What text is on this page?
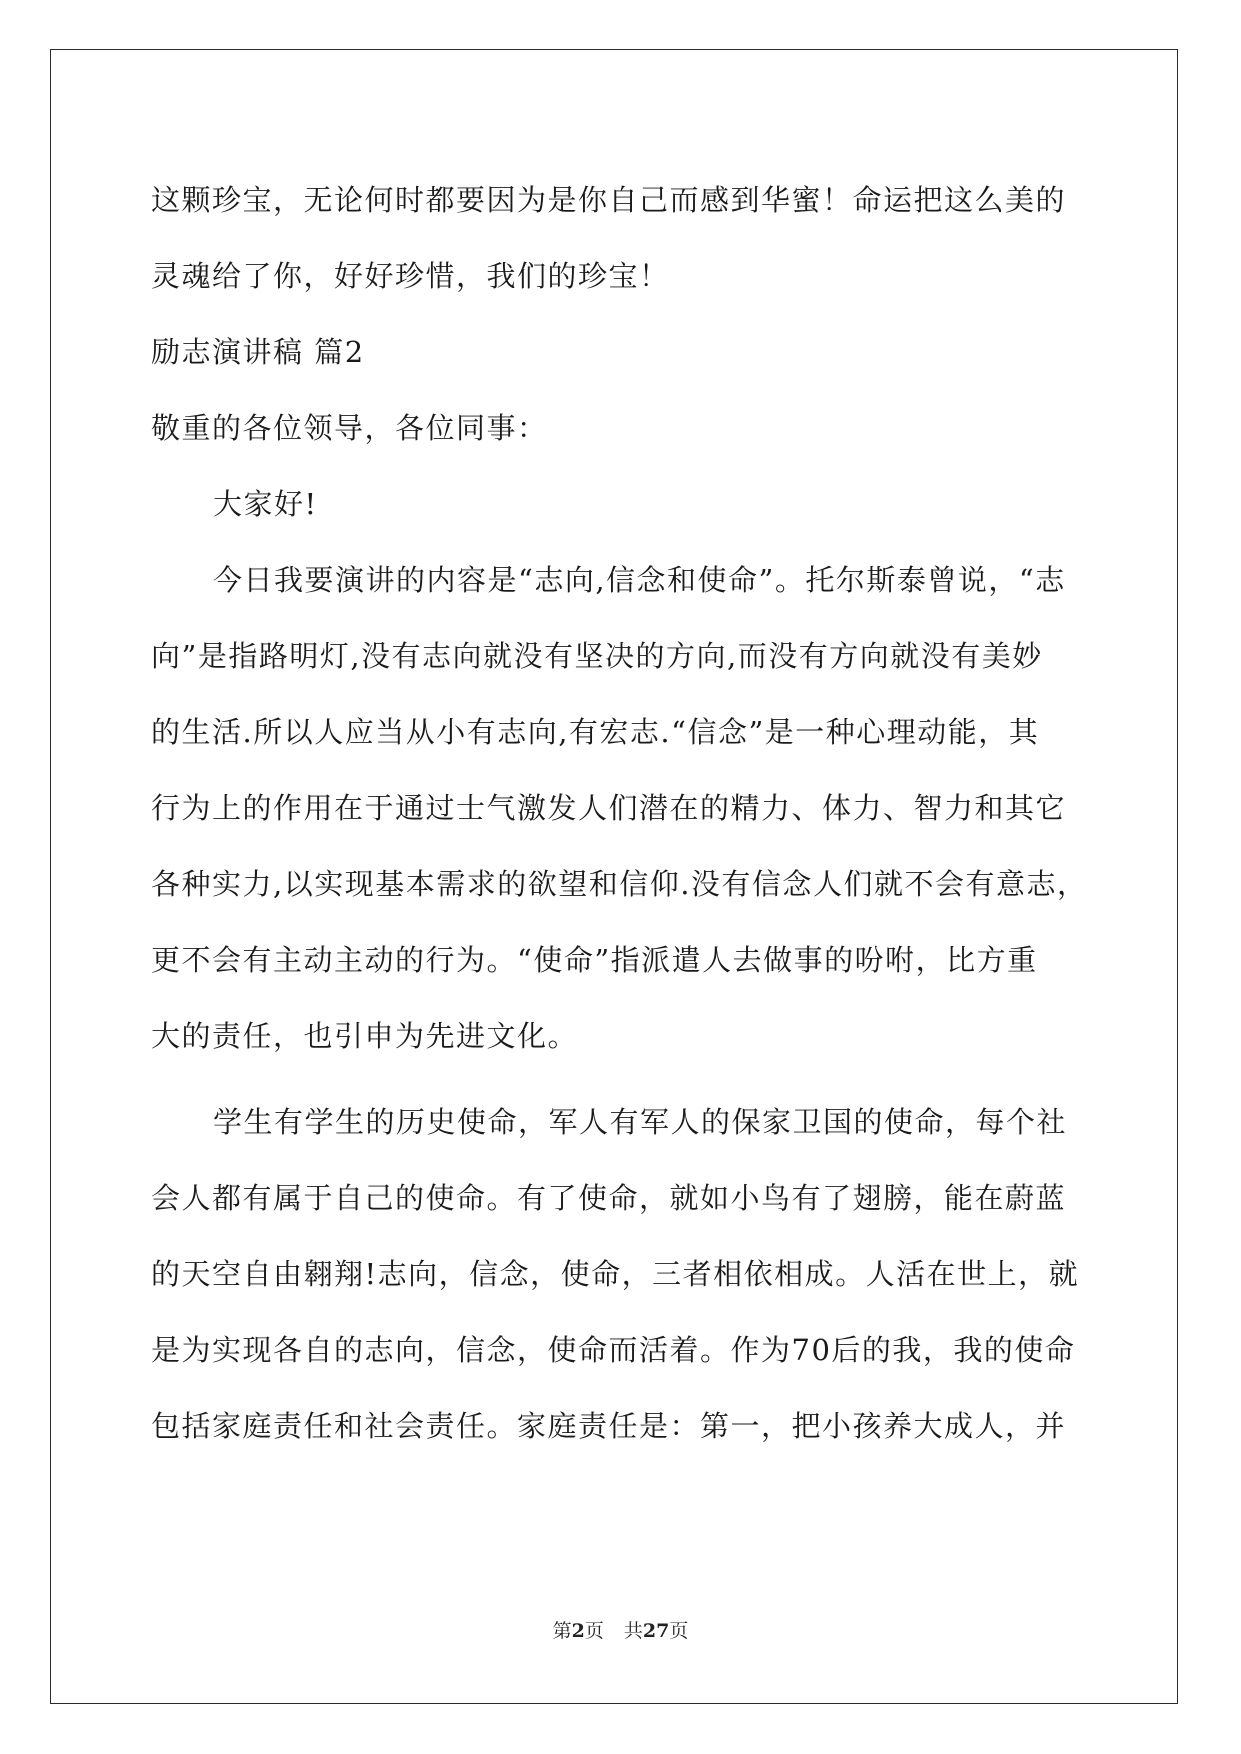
这颗珍宝，无论何时都要因为是你自己而感到华蜜！命运把这么美的
灵魂给了你，好好珍惜，我们的珍宝！
励志演讲稿 篇2
敬重的各位领导，各位同事：
大家好!
今日我要演讲的内容是“志向,信念和使命”。托尔斯泰曾说，“志
向”是指路明灯,没有志向就没有坚决的方向,而没有方向就没有美妙
的生活.所以人应当从小有志向,有宏志.“信念”是一种心理动能，其
行为上的作用在于通过士气激发人们潜在的精力、体力、智力和其它
各种实力,以实现基本需求的欲望和信仰.没有信念人们就不会有意志，
更不会有主动主动的行为。“使命”指派遣人去做事的吩咐，比方重
大的责任，也引申为先进文化。
学生有学生的历史使命，军人有军人的保家卫国的使命，每个社
会人都有属于自己的使命。有了使命，就如小鸟有了翅膀，能在蔚蓝
的天空自由翱翔!志向，信念，使命，三者相依相成。人活在世上，就
是为实现各自的志向，信念，使命而活着。作为70后的我，我的使命
包括家庭责任和社会责任。家庭责任是：第一，把小孩养大成人，并
第2页 共27页
